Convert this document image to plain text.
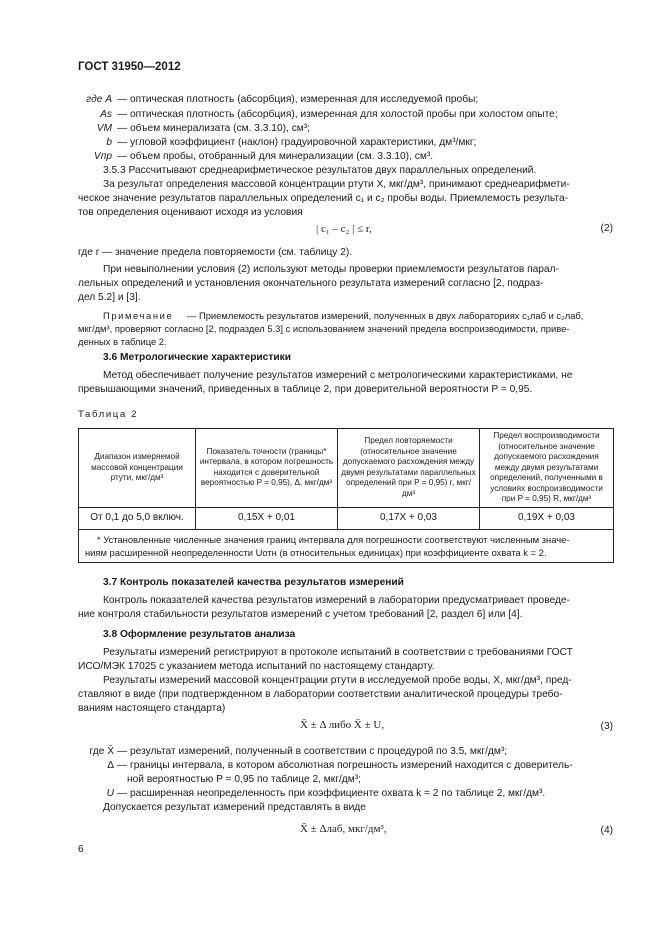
ГОСТ 31950—2012
где A — оптическая плотность (абсорбция), измеренная для исследуемой пробы;
As — оптическая плотность (абсорбция), измеренная для холостой пробы при холостом опыте;
VM — объем минерализата (см. 3.3.10), см³;
b — угловой коэффициент (наклон) градуировочной характеристики, дм³/мкг;
Vпр — объем пробы, отобранный для минерализации (см. 3.3.10), см³.
3.5.3 Рассчитывают среднеарифметическое результатов двух параллельных определений.
За результат определения массовой концентрации ртути X, мкг/дм³, принимают среднеарифмети-
ческое значение результатов параллельных определений c₁ и c₂ пробы воды. Приемлемость результа-
тов определения оценивают исходя из условия
| c₁ – c₂ | ≤ r,	(2)
где r — значение предела повторяемости (см. таблицу 2).
При невыполнении условия (2) используют методы проверки приемлемости результатов парал-
лельных определений и установления окончательного результата измерений согласно [2, подраз-
дел 5.2] и [3].
Примечание — Приемлемость результатов измерений, полученных в двух лабораториях c₁лаб и c₂лаб,
мкг/дм³, проверяют согласно [2, подраздел 5.3] с использованием значений предела воспроизводимости, приве-
денных в таблице 2.
3.6 Метрологические характеристики
Метод обеспечивает получение результатов измерений с метрологическими характеристиками, не
превышающими значений, приведенных в таблице 2, при доверительной вероятности P = 0,95.
Таблица 2
Диапазон измеряемой массовой концентрации ртути, мкг/дм³	Показатель точности (границы* интервала, в котором погрешность находится с доверительной вероятностью P = 0,95), Δ, мкг/дм³	Предел повторяемости (относительное значение допускаемого расхождения между двумя результатами параллельных определений при P = 0,95) r, мкг/дм³	Предел воспроизводимости (относительное значение допускаемого расхождения между двумя результатами определений, полученными в условиях воспроизводимости при P = 0,95) R, мкг/дм³
От 0,1 до 5,0 включ.	0,15X + 0,01	0,17X + 0,03	0,19X + 0,03

* Установленные численные значения границ интервала для погрешности соответствуют численным значе-
ниям расширенной неопределенности Uотн (в относительных единицах) при коэффициенте охвата k = 2.			
3.7 Контроль показателей качества результатов измерений
Контроль показателей качества результатов измерений в лаборатории предусматривает проведе-
ние контроля стабильности результатов измерений с учетом требований [2, раздел 6] или [4].
3.8 Оформление результатов анализа
Результаты измерений регистрируют в протоколе испытаний в соответствии с требованиями ГОСТ
ИСО/МЭК 17025 с указанием метода испытаний по настоящему стандарту.
Результаты измерений массовой концентрации ртути в исследуемой пробе воды, X, мкг/дм³, пред-
ставляют в виде (при подтвержденном в лаборатории соответствии аналитической процедуры требо-
ваниям настоящего стандарта)
X̄ ± Δ либо X̄ ± U,	(3)
где X̄ — результат измерений, полученный в соответствии с процедурой по 3.5, мкг/дм³;
Δ — границы интервала, в котором абсолютная погрешность измерений находится с доверитель-
ной вероятностью P = 0,95 по таблице 2, мкг/дм³;
U — расширенная неопределенность при коэффициенте охвата k = 2 по таблице 2, мкг/дм³.
Допускается результат измерений представлять в виде
X̄ ± Δлаб, мкг/дм³,	(4)
6
